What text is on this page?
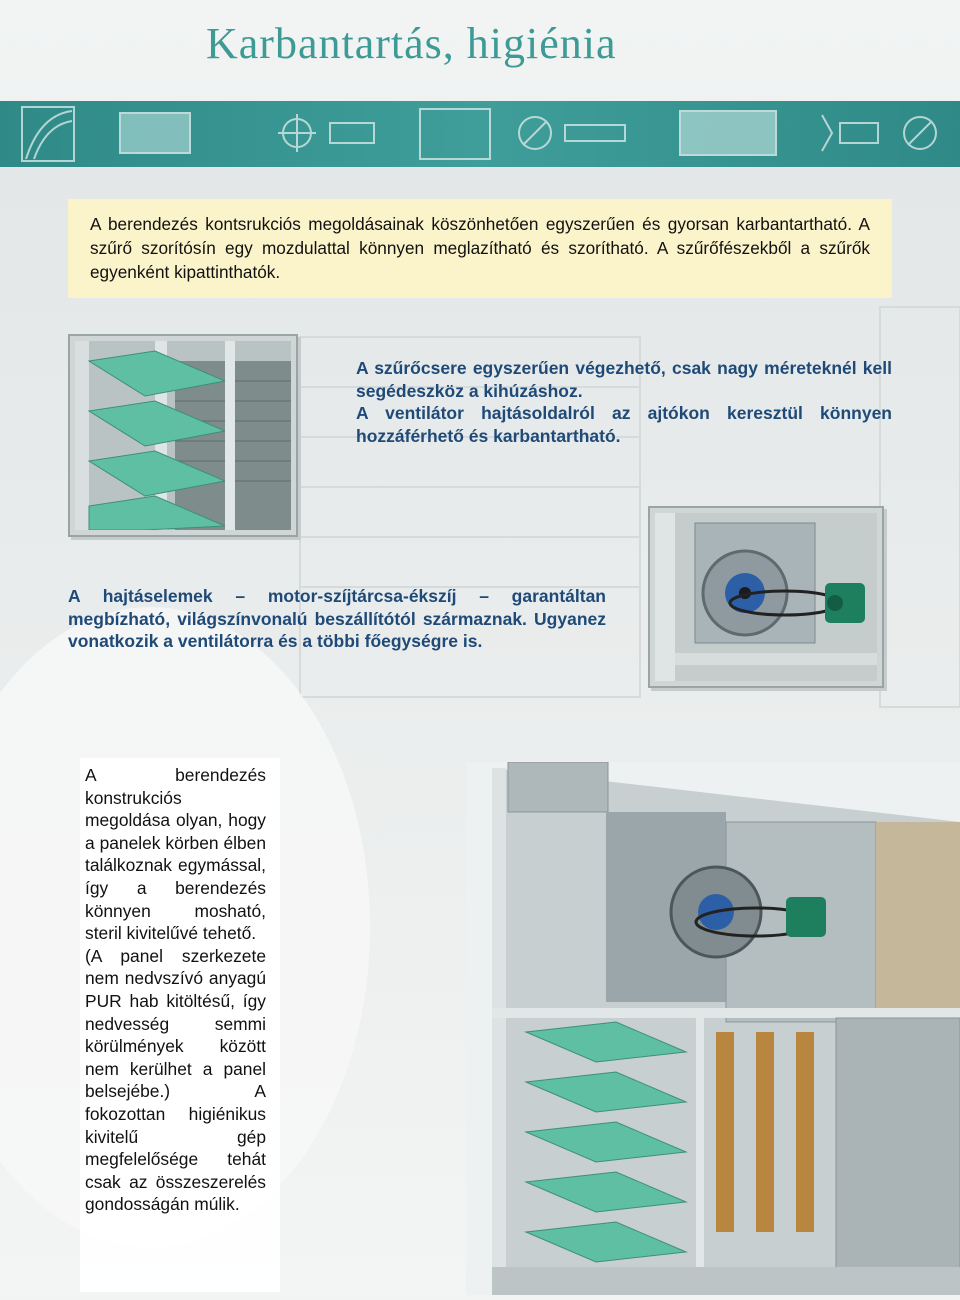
Karbantartás, higiénia

A berendezés kontsrukciós megoldásainak köszönhetően egyszerűen és gyorsan karbantartható. A szűrő szorítósín egy mozdulattal könnyen meglazítható és szorítható. A szűrőfészekből a szűrők egyenként kipattinthatók.

A szűrőcsere egyszerűen végezhető, csak nagy méreteknél kell segédeszköz a kihúzáshoz.
A ventilátor hajtásoldalról az ajtókon keresztül könnyen hozzáférhető és karbantartható.
A hajtáselemek – motor-szíjtárcsa-ékszíj – garantáltan megbízható, világszínvonalú beszállítótól származnak. Ugyanez vonatkozik a ventilátorra és a többi főegységre is.

A berendezés konstrukciós megoldása olyan, hogy a panelek körben élben találkoznak egymással, így a berendezés könnyen mosható, steril kivitelűvé tehető.

(A panel szerkezete nem nedvszívó anyagú PUR hab kitöltésű, így nedvesség semmi körülmények között nem kerülhet a panel belsejébe.) A fokozottan higiénikus kivitelű gép megfelelősége tehát csak az összeszerelés gondosságán múlik.
